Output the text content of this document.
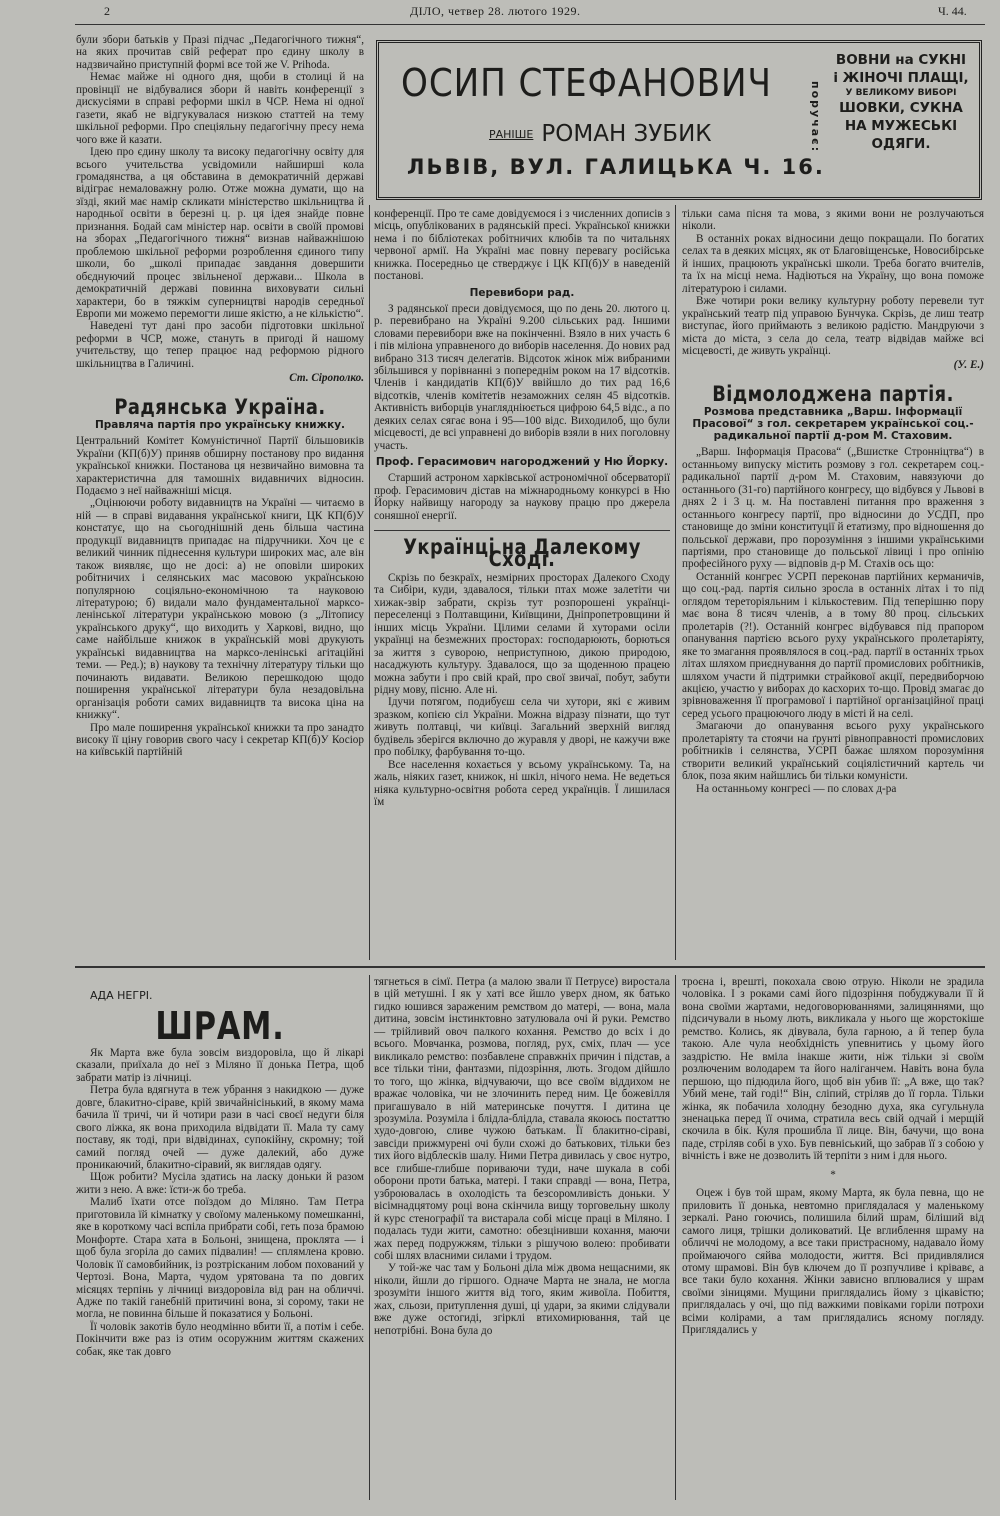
2	ДІЛО, четвер 28. лютого 1929.	Ч. 44.
ОСИП СТЕФАНОВИЧ
РАНІШЕ РОМАН ЗУБИК
ЛЬВІВ, ВУЛ. ГАЛИЦЬКА Ч. 16.
поручає:
ВОВНИ на СУКНІ
і ЖІНОЧІ ПЛАЩІ,
У ВЕЛИКОМУ ВИБОРІ
ШОВКИ, СУКНА
НА МУЖЕСЬКІ
ОДЯГИ.

були збори батьків у Празі підчас „Педагогічного тижня“, на яких прочитав свій реферат про єдину школу в надзвичайно приступній формі все той же V. Prihoda.

Немає майже ні одного дня, щоби в столиці й на провінції не відбувалися збори й навіть конференції з дискусіями в справі реформи шкіл в ЧСР. Нема ні одної газети, якаб не відгукувалася низкою статтей на тему шкільної реформи. Про спеціяльну педагогічну пресу нема чого вже й казати.

Ідею про єдину школу та високу педагогічну освіту для всього учительства усвідомили найширші кола громадянства, а ця обставина в демократичній державі відіграє немаловажну ролю. Отже можна думати, що на зїзді, який має намір скликати міністерство шкільництва й народньої освіти в березні ц. р. ця ідея знайде повне признання. Бодай сам міністер нар. освіти в своїй промові на зборах „Педагогічного тижня“ визнав найважнішою проблемою шкільної реформи розроблення єдиного типу школи, бо „школі припадає завдання довершити обєднуючий процес звільненої держави... Школа в демократичній державі повинна виховувати сильні характери, бо в тяжкім суперництві народів середньої Европи ми можемо перемогти лише якістю, а не кількістю“.

Наведені тут дані про засоби підготовки шкільної реформи в ЧСР, може, стануть в пригоді й нашому учительству, що тепер працює над реформою рідного шкільництва в Галичині.

Ст. Сірополко.
Радянська Україна.
Правляча партія про українську книжку.

Центральний Комітет Комуністичної Партії більшовиків України (КП(б)У) приняв обширну постанову про видання української книжки. Постанова ця незвичайно вимовна та характеристична для тамошніх видавничих відносин. Подаємо з неї найважніші місця.

„Оцінюючи роботу видавництв на Україні — читаємо в ній — в справі видавання української книги, ЦК КП(б)У констатує, що на сьогоднішній день більша частина продукції видавництв припадає на підручники. Хоч це є великий чинник піднесення культури широких мас, але він також виявляє, що не досі: а) не оповіли широких робітничих і селянських мас масовою українською популярною соціяльно-економічною та науковою літературою; б) видали мало фундаментальної марксо-ленінської літератури українською мовою (з „Літопису українського друку“, що виходить у Харкові, видно, що саме найбільше книжок в українській мові друкують українські видавництва на марксо-ленінські агітаційні теми. — Ред.); в) наукову та технічну літературу тільки що починають видавати. Великою перешкодою щодо поширення української літератури була незадовільна організація роботи самих видавництв та висока ціна на книжку“.

Про мале поширення української книжки та про занадто високу її ціну говорив свого часу і секретар КП(б)У Косіор на київській партійній

конференції. Про те саме довідуємося і з численних дописів з місць, опублікованих в радянській пресі. Української книжки нема і по бібліотеках робітничих клюбів та по читальнях червоної армії. На Україні має повну перевагу російська книжка. Посередньо це стверджує і ЦК КП(б)У в наведеній постанові.

Перевибори рад.

З радянської преси довідуємося, що по день 20. лютого ц. р. перевибрано на Україні 9.200 сільських рад. Іншими словами перевибори вже на покінченні. Взяло в них участь 6 і пів міліона управненого до виборів населення. До нових рад вибрано 313 тисяч делегатів. Відсоток жінок між вибраними збільшився у порівнанні з попереднім роком на 17 відсотків. Членів і кандидатів КП(б)У ввійшло до тих рад 16,6 відсотків, членів комітетів незаможних селян 45 відсотків. Активність виборців унаглядніюється цифрою 64,5 відс., а по деяких селах сягає вона і 95—100 відс. Виходилоб, що були місцевості, де всі управнені до виборів взяли в них поголовну участь.

Проф. Герасимович нагороджений у Ню Йорку.

Старший астроном харківської астрономічної обсерваторії проф. Герасимович дістав на міжнародньому конкурсі в Ню Йорку найвищу нагороду за наукову працю про джерела соняшної енергії.

Українці на Далекому Сході.

Скрізь по безкраїх, незмірних просторах Далекого Сходу та Сибіри, куди, здавалося, тільки птах може залетіти чи хижак-звір забрати, скрізь тут розпорошені українці-переселенці з Полтавщини, Київщини, Дніпропетровщини й інших місць України. Цілими селами й хуторами осіли українці на безмежних просторах: господарюють, борються за життя з суворою, неприступною, дикою природою, насаджують культуру. Здавалося, що за щоденною працею можна забути і про свій край, про свої звичаї, побут, забути рідну мову, пісню. Але ні.

Ідучи потягом, подибуєш села чи хутори, які є живим зразком, копією сіл України. Можна відразу пізнати, що тут живуть полтавці, чи київці. Загальний зверхній вигляд будівель зберігся включно до журавля у дворі, не кажучи вже про побілку, фарбування то-що.

Все населення кохається у всьому українському. Та, на жаль, ніяких газет, книжок, ні шкіл, нічого нема. Не ведеться ніяка культурно-освітня робота серед українців. Ї лишилася їм

тільки сама пісня та мова, з якими вони не розлучаються ніколи.

В останніх роках відносини дещо покращали. По богатих селах та в деяких місцях, як от Благовіщенське, Новосибірське й інших, працюють українські школи. Треба богато вчителів, та їх на місці нема. Надіються на Україну, що вона поможе літературою і силами.

Вже чотири роки велику культурну роботу перевели тут український театр під управою Бунчука. Скрізь, де лиш театр виступає, його приймають з великою радістю. Мандруючи з міста до міста, з села до села, театр відвідав майже всі місцевості, де живуть українці.

(У. Е.)
Відмолоджена партія.
Розмова представника „Варш. Інформації Прасової“ з гол. секретарем української соц.-радикальної партії д-ром М. Стаховим.

„Варш. Інформація Прасова“ („Вшистке Стронніцтва“) в останньому випуску містить розмову з гол. секретарем соц.-радикальної партії д-ром М. Стаховим, навязуючи до останнього (31-го) партійного конгресу, що відбувся у Львові в днях 2 і 3 ц. м. На поставлені питання про враження з останнього конгресу партії, про відносини до УСДП, про становище до зміни конституції й етатизму, про відношення до польської держави, про порозуміння з іншими українськими партіями, про становище до польської лівиці і про опінію професійного руху — відповів д-р М. Стахів ось що:

Останній конгрес УСРП переконав партійних керманичів, що соц.-рад. партія сильно зросла в останніх літах і то під оглядом тереторіяльним і кількостевим. Під теперішню пору має вона 8 тисяч членів, а в тому 80 проц. сільських пролетарів (?!). Останній конгрес відбувався під прапором опанування партією всього руху українського пролетаріяту, яке то змагання проявлялося в соц.-рад. партії в останніх трьох літах шляхом приєднування до партії промислових робітників, шляхом участи й підтримки страйкової акції, передвиборчою акцією, участю у виборах до касхорих то-що. Провід змагає до зрівноваження її програмової і партійної організаційної праці серед усього працюючого люду в місті й на селі.

Змагаючи до опанування всього руху українського пролетаріяту та стоячи на ґрунті рівноправності промислових робітників і селянства, УСРП бажає шляхом порозуміння створити великий український соціялістичний картель чи блок, поза яким найшлись би тільки комуністи.

На останньому конгресі — по словах д-ра

АДА НЕГРІ.

ШРАМ.

Як Марта вже була зовсім виздоровіла, що й лікарі сказали, приїхала до неї з Міляно її донька Петра, щоб забрати матір із лічниці.

Петра була вдягнута в теж убрання з накидкою — дуже довге, блакитно-сіраве, крій звичайнісінький, в якому мама бачила її тричі, чи й чотири рази в часі своєї недуги біля свого ліжка, як вона приходила відвідати її. Мала ту саму поставу, як тоді, при відвідинах, супокійну, скромну; той самий погляд очей — дуже далекий, або дуже проникаючий, блакитно-сіравий, як виглядав одягу.

Щож робити? Мусіла здатись на ласку доньки й разом жити з нею. А вже: їсти-ж бо треба.

Малиб їхати отсе поїздом до Міляно. Там Петра приготовила їй кімнатку у своїому маленькому помешканні, яке в короткому часі вспіла прибрати собі, геть поза брамою Монфорте. Стара хата в Больоні, знищена, проклята — і щоб була згоріла до самих підвалин! — сплямлена кровю. Чоловік її самовбийник, із розтрісканим лобом похований у Чертозі. Вона, Марта, чудом урятована та по довгих місяцях терпінь у лічниці виздоровіла від ран на обличчі. Адже по такій ганебній притичині вона, зі сорому, таки не могла, не повинна більше й показатися у Больоні.

Її чоловік закотів було неодмінно вбити її, а потім і себе. Покінчити вже раз із отим осоружним життям скажених собак, яке так довго

тягнеться в сімї. Петра (а малою звали її Петрусе) виростала в цій метушні. І як у хаті все йшло уверх дном, як батько гидко юшився зараженим ремством до матері, — вона, мала дитина, зовсім інстинктовно затулювала очі й руки. Ремство — трійливий овоч палкого кохання. Ремство до всіх і до всього. Мовчанка, розмова, погляд, рух, сміх, плач — усе викликало ремство: позбавлене справжніх причин і підстав, а все тільки тіни, фантазми, підозріння, лють. Згодом дійшло то того, що жінка, відчуваючи, що все своїм віддихом не вражає чоловіка, чи не злочинить перед ним. Це божевілля пригашувало в ній материнське почуття. І дитина це зрозуміла. Розуміла і блідла-блідла, ставала якоюсь постаттю худо-довгою, сливе чужою батькам. Її блакитно-сіраві, завсіди прижмурені очі були схожі до батькових, тільки без тих його відблесків шалу. Ними Петра дивилась у своє нутро, все глибше-глибше пориваючи туди, наче шукала в собі оборони проти батька, матері. І таки справді — вона, Петра, узброювалась в охолодість та безсоромливість доньки. У вісімнадцятому році вона скінчила вищу торговельну школу й курс стенографії та вистарала собі місце праці в Міляно. І подалась туди жити, самотно: обезцінивши кохання, маючи жах перед подружжям, тільки з рішучою волею: пробивати собі шлях власними силами і трудом.

У той-же час там у Больоні діла між двома нещасними, як ніколи, йшли до гіршого. Одначе Марта не знала, не могла зрозуміти іншого життя від того, яким живоїла. Побиття, жах, сльози, притуплення душі, ці удари, за якими слідували вже дуже остогиді, згірклі втихомирювання, тай це непотрібні. Вона була до

троєна і, врешті, покохала свою отрую. Ніколи не зрадила чоловіка. І з роками самі його підозріння побуджували її й вона своїми жартами, недоговорюваннями, залицяннями, що підсичували в ньому лють, викликала у нього ще жорстокіше ремство. Колись, як дівувала, була гарною, а й тепер була такою. Але чула необхідність упевнитись у цьому його заздрістю. Не вміла інакше жити, ніж тільки зі своїм розлюченим володарем та його наліганчем. Навіть вона була першою, що підюдила його, щоб він убив її: „А вже, що так? Убий мене, тай годі!“ Він, сліпий, стріляв до її горла. Тільки жінка, як побачила холодну безодню духа, яка сугульнула зненацька перед її очима, стратила весь свій одчай і мерщій скочила в бік. Куля прошибла її лице. Він, бачучи, що вона паде, стріляв собі в ухо. Був певніський, що забрав її з собою у вічність і вже не дозволить їй терпіти з ним і для нього.

*

Оцеж і був той шрам, якому Марта, як була певна, що не приловить її донька, невтомно приглядалася у маленькому зеркалі. Рано гоючись, полишила білий шрам, біліший від самого лиця, трішки доликоватий. Це вглиблення шраму на обличчі не молодому, а все таки пристрасному, надавало йому проймаючого сяйва молодости, життя. Всі придивлялися отому шрамові. Він був ключем до її розпучливе і крівавє, а все таки було кохання. Жінки зависно вплювалися у шрам своїми зіницями. Мущини приглядались йому з цікавістю; приглядалась у очі, що під важкими повіками горіли потрохи всіми колірами, а там приглядались ясному погляду. Приглядались у
